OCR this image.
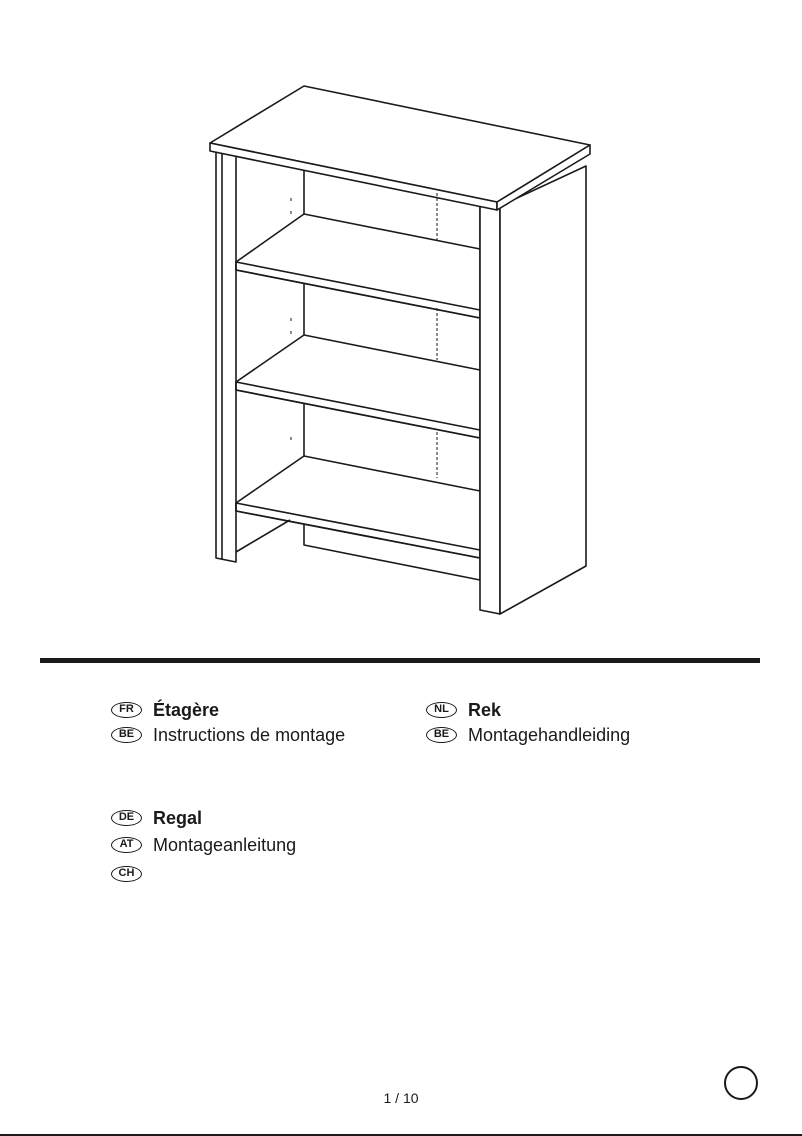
FR	Étagère
BE	Instructions de montage
NL	Rek
BE	Montagehandleiding
DE	Regal
AT	Montageanleitung
CH
1 / 10
